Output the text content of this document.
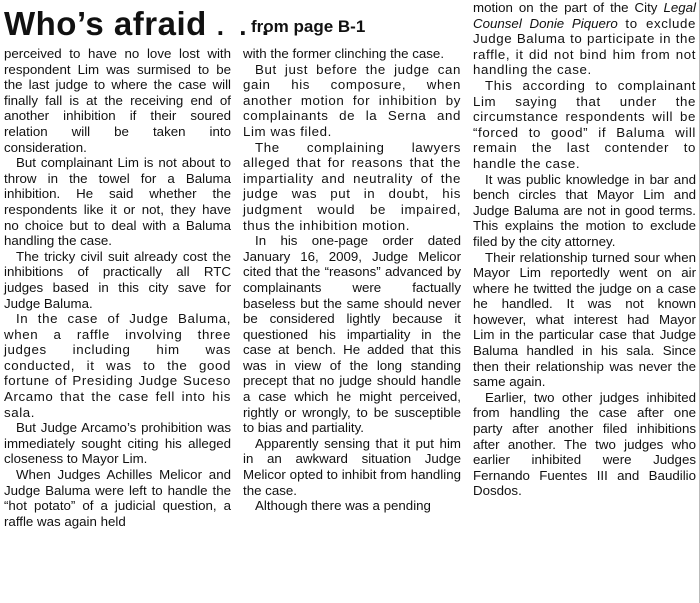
Who’s afraid . . .

perceived to have no love lost with respondent Lim was surmised to be the last judge to where the case will finally fall is at the receiving end of another inhibition if their soured relation will be taken into consideration.

But complainant Lim is not about to throw in the towel for a Baluma inhibition. He said whether the respondents like it or not, they have no choice but to deal with a Baluma handling the case.

The tricky civil suit already cost the inhibitions of practically all RTC judges based in this city save for Judge Baluma.

In the case of Judge Baluma, when a raffle involving three judges including him was conducted, it was to the good fortune of Presiding Judge Suceso Arcamo that the case fell into his sala.

But Judge Arcamo’s prohibition was immediately sought citing his alleged closeness to Mayor Lim.

When Judges Achilles Melicor and Judge Baluma were left to handle the “hot potato” of a judicial question, a raffle was again held

from page B-1

with the former clinching the case.

But just before the judge can gain his composure, when another motion for inhibition by complainants de la Serna and Lim was filed.

The complaining lawyers alleged that for reasons that the impartiality and neutrality of the judge was put in doubt, his judgment would be impaired, thus the inhibition motion.

In his one-page order dated January 16, 2009, Judge Melicor cited that the “reasons” advanced by complainants were factually baseless but the same should never be considered lightly because it questioned his impartiality in the case at bench. He added that this was in view of the long standing precept that no judge should handle a case which he might perceived, rightly or wrongly, to be susceptible to bias and partiality.

Apparently sensing that it put him in an awkward situation Judge Melicor opted to inhibit from handling the case.

Although there was a pending

motion on the part of the City Legal Counsel Donie Piquero to exclude Judge Baluma to participate in the raffle, it did not bind him from not handling the case.

This according to complainant Lim saying that under the circumstance respondents will be “forced to good” if Baluma will remain the last contender to handle the case.

It was public knowledge in bar and bench circles that Mayor Lim and Judge Baluma are not in good terms. This explains the motion to exclude filed by the city attorney.

Their relationship turned sour when Mayor Lim reportedly went on air where he twitted the judge on a case he handled. It was not known however, what interest had Mayor Lim in the particular case that Judge Baluma handled in his sala. Since then their relationship was never the same again.

Earlier, two other judges inhibited from handling the case after one party after another filed inhibitions after another. The two judges who earlier inhibited were Judges Fernando Fuentes III and Baudilio Dosdos.
